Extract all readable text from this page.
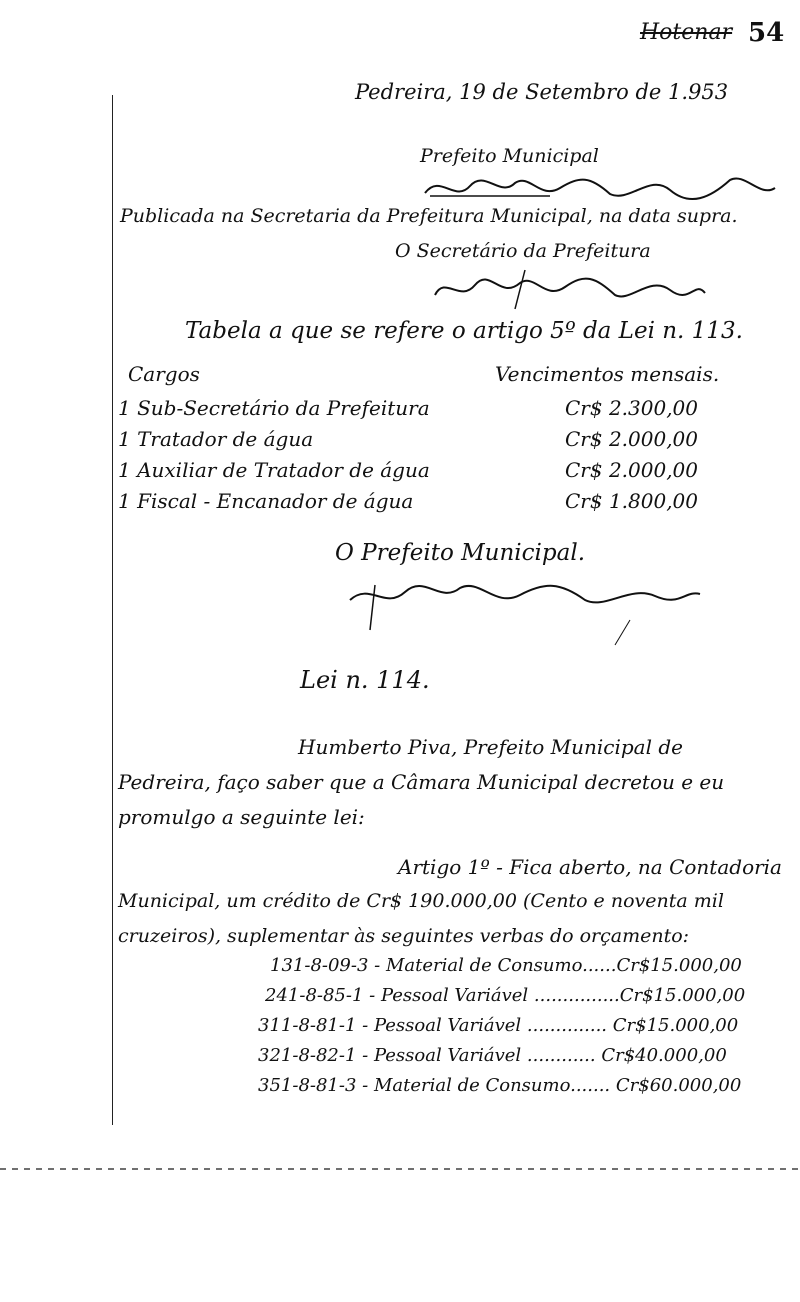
Hotenar 54
Pedreira, 19 de Setembro de 1.953
Prefeito Municipal
Publicada na Secretaria da Prefeitura Municipal, na data supra.
O Secretário da Prefeitura
Tabela a que se refere o artigo 5º da Lei n. 113.
Cargos	Vencimentos mensais.
1 Sub-Secretário da Prefeitura	Cr$ 2.300,00
1 Tratador de água	Cr$ 2.000,00
1 Auxiliar de Tratador de água	Cr$ 2.000,00
1 Fiscal - Encanador de água	Cr$ 1.800,00
O Prefeito Municipal.
Lei n. 114.
Humberto Piva, Prefeito Municipal de
Pedreira, faço saber que a Câmara Municipal decretou e eu
promulgo a seguinte lei:
Artigo 1º - Fica aberto, na Contadoria
Municipal, um crédito de Cr$ 190.000,00 (Cento e noventa mil
cruzeiros), suplementar às seguintes verbas do orçamento:
131-8-09-3 - Material de Consumo......Cr$15.000,00
241-8-85-1 - Pessoal Variável ...............Cr$15.000,00
311-8-81-1 - Pessoal Variável .............. Cr$15.000,00
321-8-82-1 - Pessoal Variável ............ Cr$40.000,00
351-8-81-3 - Material de Consumo....... Cr$60.000,00
